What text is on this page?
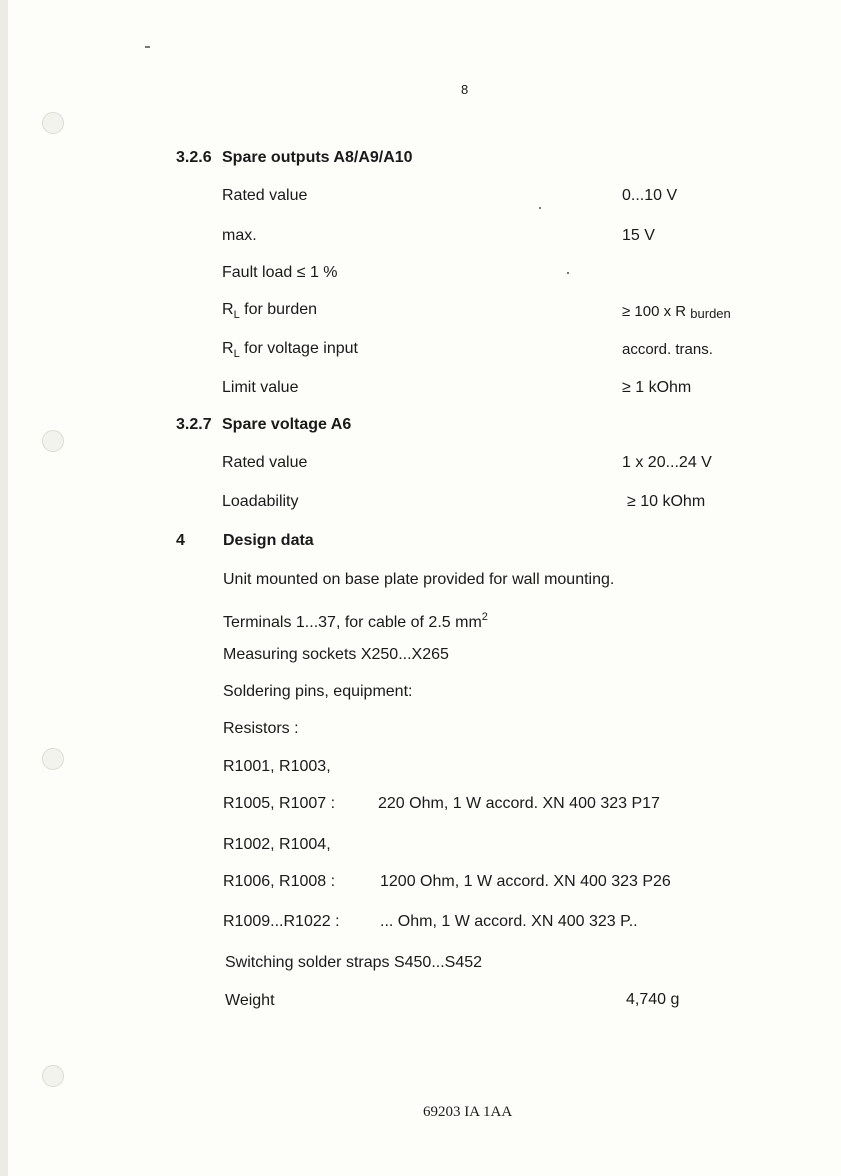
8
3.2.6 Spare outputs A8/A9/A10
Rated value	0...10 V
max.	15 V
Fault load ≤ 1 %
$R_L$ for burden	≥ 100 x R $_{burden}$
$R_L$ for voltage input	accord. trans.
Limit value	≥ 1 kOhm
3.2.7 Spare voltage A6
Rated value	1 x 20...24 V
Loadability	≥ 10 kOhm
4 Design data
Unit mounted on base plate provided for wall mounting.
Terminals 1...37, for cable of 2.5 $mm^2$
Measuring sockets X250...X265
Soldering pins, equipment:
Resistors :
R1001, R1003,
R1005, R1007 :	220 Ohm, 1 W accord. XN 400 323 P17
R1002, R1004,
R1006, R1008 :	1200 Ohm, 1 W accord. XN 400 323 P26
R1009...R1022 :	... Ohm, 1 W accord. XN 400 323 P..
Switching solder straps S450...S452
Weight	4,740 g
69203 IA 1AA
